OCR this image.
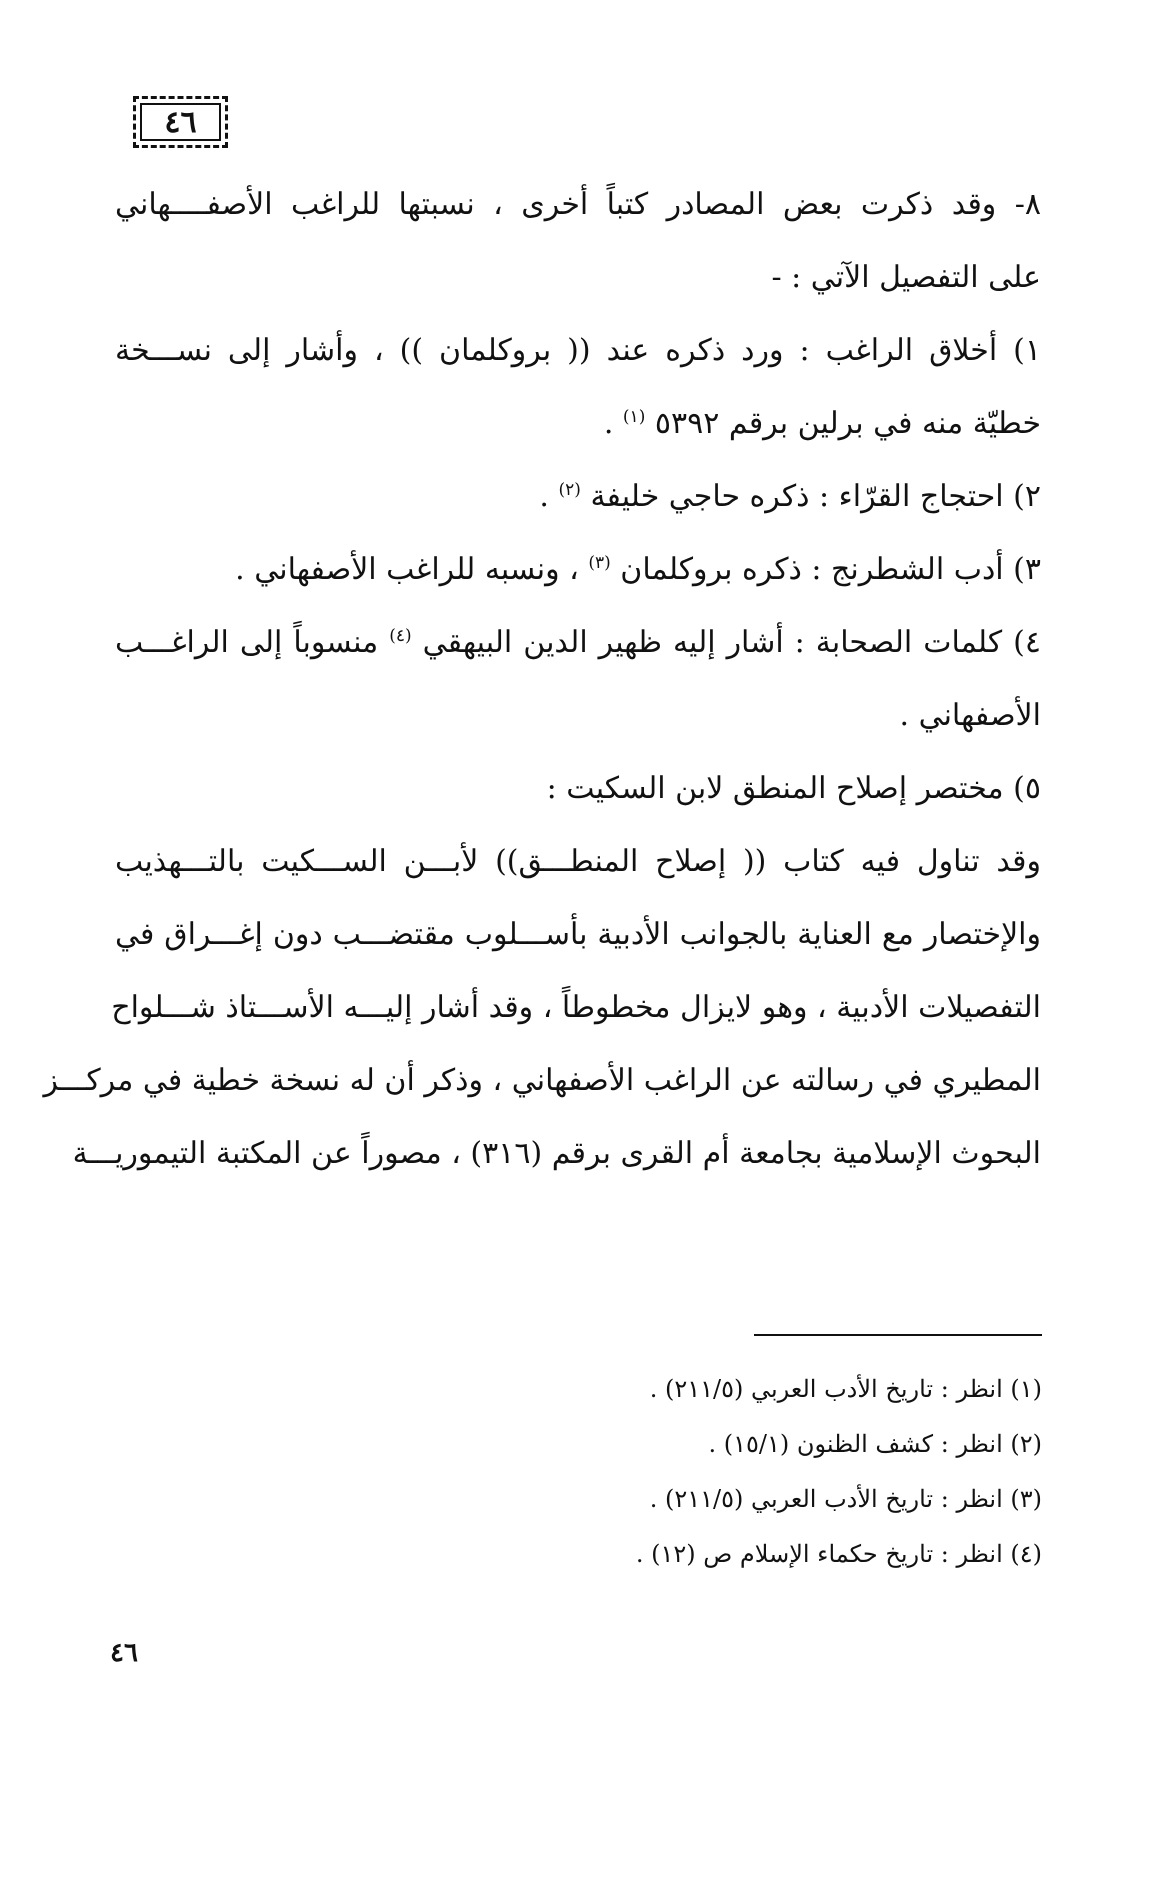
٤٦
٨- وقد ذكرت بعض المصادر كتباً أخرى ، نسبتها للراغب الأصفــــهاني
على التفصيل الآتي : -
١) أخلاق الراغب : ورد ذكره عند (( بروكلمان )) ، وأشار إلى نســـخة
خطيّة منه في برلين برقم ٥٣٩٢ $^{(١)}$ .
٢) احتجاج القرّاء : ذكره حاجي خليفة $^{(٢)}$ .
٣) أدب الشطرنج : ذكره بروكلمان $^{(٣)}$ ، ونسبه للراغب الأصفهاني .
٤) كلمات الصحابة : أشار إليه ظهير الدين البيهقي $^{(٤)}$ منسوباً إلى الراغـــب
الأصفهاني .
٥) مختصر إصلاح المنطق لابن السكيت :
وقد تناول فيه كتاب (( إصلاح المنطـــق)) لأبـــن الســـكيت بالتـــهذيب
والإختصار مع العناية بالجوانب الأدبية بأســـلوب مقتضـــب دون إغـــراق في
التفصيلات الأدبية ، وهو لايزال مخطوطاً ، وقد أشار إليـــه الأســـتاذ شـــلواح
المطيري في رسالته عن الراغب الأصفهاني ، وذكر أن له نسخة خطية في مركـــز
البحوث الإسلامية بجامعة أم القرى برقم (٣١٦) ، مصوراً عن المكتبة التيموريـــة
(١) انظر : تاريخ الأدب العربي (٢١١/٥) .
(٢) انظر : كشف الظنون (١٥/١) .
(٣) انظر : تاريخ الأدب العربي (٢١١/٥) .
(٤) انظر : تاريخ حكماء الإسلام ص (١٢) .
٤٦
